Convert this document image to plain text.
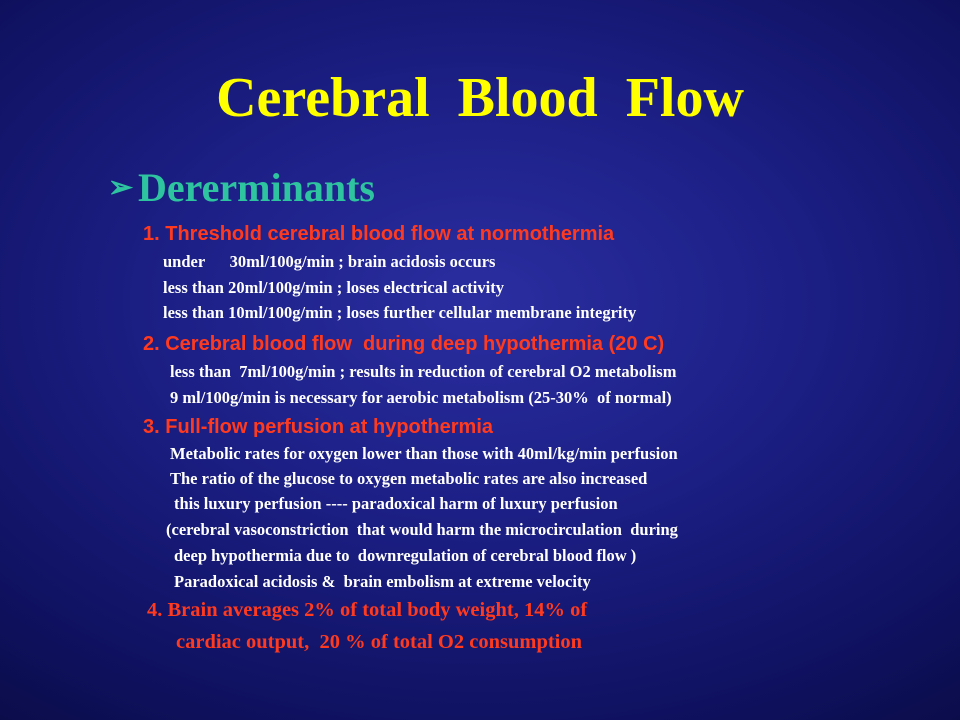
Cerebral  Blood  Flow
➢ Dererminants
1. Threshold cerebral blood flow at normothermia
under      30ml/100g/min ; brain acidosis occurs
less than 20ml/100g/min ; loses electrical activity
less than 10ml/100g/min ; loses further cellular membrane integrity
2. Cerebral blood flow  during deep hypothermia (20 C)
less than  7ml/100g/min ; results in reduction of cerebral O2 metabolism
9 ml/100g/min is necessary for aerobic metabolism (25-30%  of normal)
3. Full-flow perfusion at hypothermia
Metabolic rates for oxygen lower than those with 40ml/kg/min perfusion
The ratio of the glucose to oxygen metabolic rates are also increased
this luxury perfusion ---- paradoxical harm of luxury perfusion
(cerebral vasoconstriction  that would harm the microcirculation  during
deep hypothermia due to  downregulation of cerebral blood flow )
Paradoxical acidosis &  brain embolism at extreme velocity
4. Brain averages 2% of total body weight, 14% of
cardiac output,  20 % of total O2 consumption
